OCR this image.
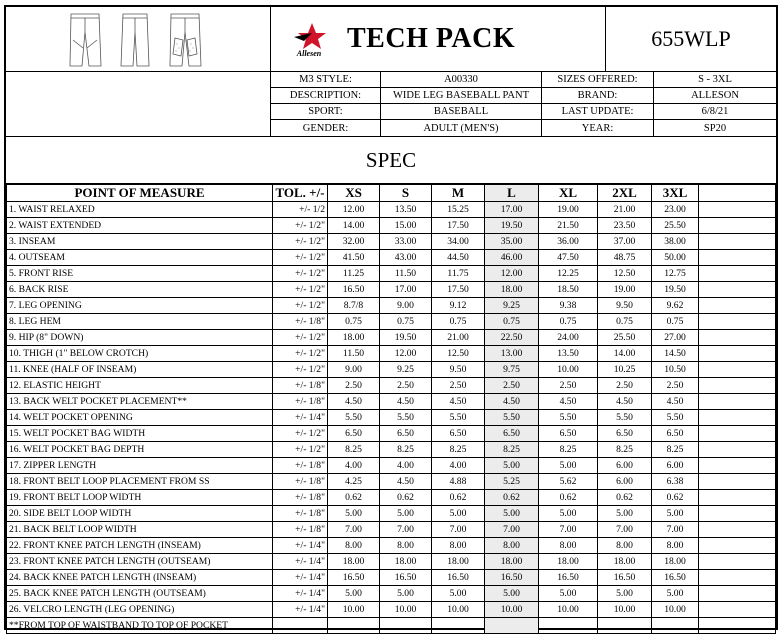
Allesen TECH PACK	655WLP
M3 STYLE:	A00330	SIZES OFFERED:	S - 3XL
DESCRIPTION:	WIDE LEG BASEBALL PANT	BRAND:	ALLESON
SPORT:	BASEBALL	LAST UPDATE:	6/8/21
GENDER:	ADULT (MEN'S)	YEAR:	SP20
SPEC
POINT OF MEASURE	TOL. +/-	XS	S	M	L	XL	2XL	3XL	
1. WAIST RELAXED	+/- 1/2	12.00	13.50	15.25	17.00	19.00	21.00	23.00	
2. WAIST EXTENDED	+/- 1/2"	14.00	15.00	17.50	19.50	21.50	23.50	25.50	
3. INSEAM	+/- 1/2"	32.00	33.00	34.00	35.00	36.00	37.00	38.00	
4. OUTSEAM	+/- 1/2"	41.50	43.00	44.50	46.00	47.50	48.75	50.00	
5. FRONT RISE	+/- 1/2"	11.25	11.50	11.75	12.00	12.25	12.50	12.75	
6. BACK RISE	+/- 1/2"	16.50	17.00	17.50	18.00	18.50	19.00	19.50	
7. LEG OPENING	+/- 1/2"	8.7/8	9.00	9.12	9.25	9.38	9.50	9.62	
8. LEG HEM	+/- 1/8"	0.75	0.75	0.75	0.75	0.75	0.75	0.75	
9. HIP (8" DOWN)	+/- 1/2"	18.00	19.50	21.00	22.50	24.00	25.50	27.00	
10. THIGH (1" BELOW CROTCH)	+/- 1/2"	11.50	12.00	12.50	13.00	13.50	14.00	14.50	
11. KNEE (HALF OF INSEAM)	+/- 1/2"	9.00	9.25	9.50	9.75	10.00	10.25	10.50	
12. ELASTIC HEIGHT	+/- 1/8"	2.50	2.50	2.50	2.50	2.50	2.50	2.50	
13. BACK WELT POCKET PLACEMENT**	+/- 1/8"	4.50	4.50	4.50	4.50	4.50	4.50	4.50	
14. WELT POCKET OPENING	+/- 1/4"	5.50	5.50	5.50	5.50	5.50	5.50	5.50	
15. WELT POCKET BAG WIDTH	+/- 1/2"	6.50	6.50	6.50	6.50	6.50	6.50	6.50	
16. WELT POCKET BAG DEPTH	+/- 1/2"	8.25	8.25	8.25	8.25	8.25	8.25	8.25	
17. ZIPPER LENGTH	+/- 1/8"	4.00	4.00	4.00	5.00	5.00	6.00	6.00	
18. FRONT BELT LOOP PLACEMENT FROM SS	+/- 1/8"	4.25	4.50	4.88	5.25	5.62	6.00	6.38	
19. FRONT BELT LOOP WIDTH	+/- 1/8"	0.62	0.62	0.62	0.62	0.62	0.62	0.62	
20. SIDE BELT LOOP WIDTH	+/- 1/8"	5.00	5.00	5.00	5.00	5.00	5.00	5.00	
21. BACK BELT LOOP WIDTH	+/- 1/8"	7.00	7.00	7.00	7.00	7.00	7.00	7.00	
22. FRONT KNEE PATCH LENGTH (INSEAM)	+/- 1/4"	8.00	8.00	8.00	8.00	8.00	8.00	8.00	
23. FRONT KNEE PATCH LENGTH (OUTSEAM)	+/- 1/4"	18.00	18.00	18.00	18.00	18.00	18.00	18.00	
24. BACK KNEE PATCH LENGTH (INSEAM)	+/- 1/4"	16.50	16.50	16.50	16.50	16.50	16.50	16.50	
25. BACK KNEE PATCH LENGTH (OUTSEAM)	+/- 1/4"	5.00	5.00	5.00	5.00	5.00	5.00	5.00	
26. VELCRO LENGTH (LEG OPENING)	+/- 1/4"	10.00	10.00	10.00	10.00	10.00	10.00	10.00	
**FROM TOP OF WAISTBAND TO TOP OF POCKET									
